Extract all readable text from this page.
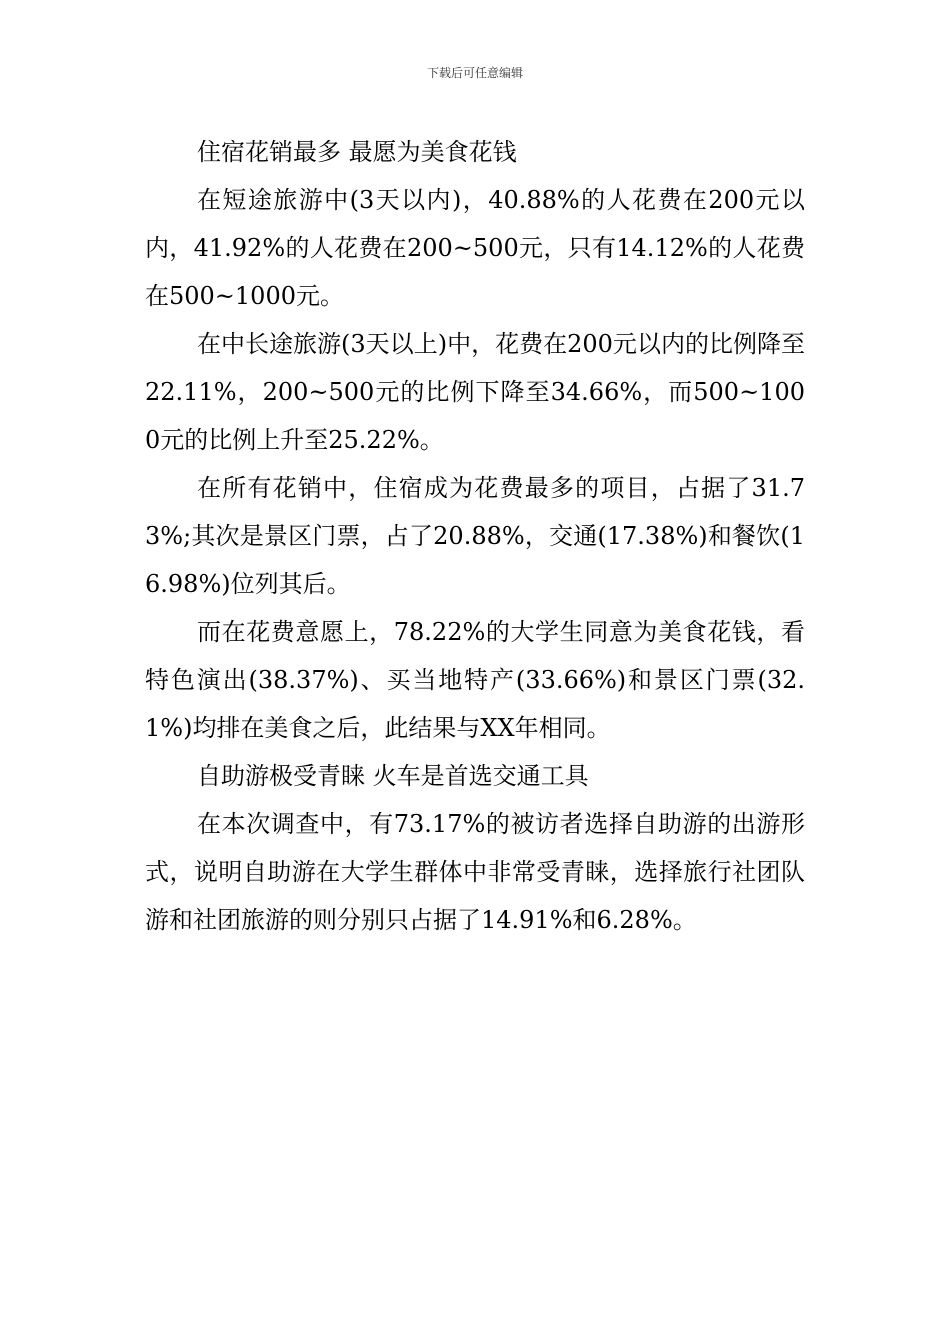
下载后可任意编辑

住宿花销最多 最愿为美食花钱

在短途旅游中(3天以内)，40.88%的人花费在200元以内，41.92%的人花费在200~500元，只有14.12%的人花费在500~1000元。

在中长途旅游(3天以上)中，花费在200元以内的比例降至22.11%，200~500元的比例下降至34.66%，而500~1000元的比例上升至25.22%。

在所有花销中，住宿成为花费最多的项目，占据了31.73%;其次是景区门票，占了20.88%，交通(17.38%)和餐饮(16.98%)位列其后。

而在花费意愿上，78.22%的大学生同意为美食花钱，看特色演出(38.37%)、买当地特产(33.66%)和景区门票(32.1%)均排在美食之后，此结果与XX年相同。

自助游极受青睐 火车是首选交通工具

在本次调查中，有73.17%的被访者选择自助游的出游形式，说明自助游在大学生群体中非常受青睐，选择旅行社团队游和社团旅游的则分别只占据了14.91%和6.28%。
